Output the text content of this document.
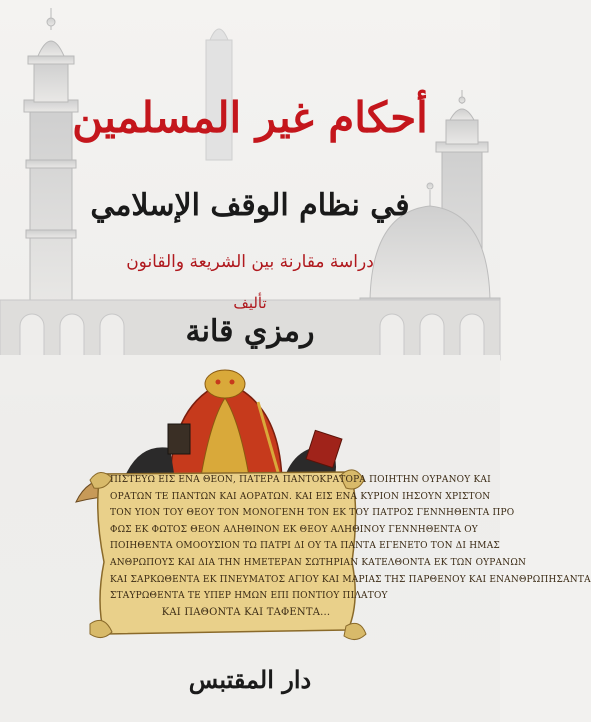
أحكام غير المسلمين
في نظام الوقف الإسلامي
دراسة مقارنة بين الشريعة والقانون
تأليف
رمزي قانة
ΠΙΣΤΕΥΩ ΕΙΣ ΕΝΑ ΘΕΟΝ, ΠΑΤΕΡΑ ΠΑΝΤΟΚΡΑΤΟΡΑ ΠΟΙΗΤΗΝ ΟΥΡΑΝΟΥ ΚΑΙ
ΟΡΑΤΩΝ ΤΕ ΠΑΝΤΩΝ ΚΑΙ ΑΟΡΑΤΩΝ. ΚΑΙ ΕΙΣ ΕΝΑ ΚΥΡΙΟΝ ΙΗΣΟΥΝ ΧΡΙΣΤΟΝ
ΤΟΝ ΥΙΟΝ ΤΟΥ ΘΕΟΥ ΤΟΝ ΜΟΝΟΓΕΝΗ ΤΟΝ ΕΚ ΤΟΥ ΠΑΤΡΟΣ ΓΕΝΝΗΘΕΝΤΑ ΠΡΟ
ΦΩΣ ΕΚ ΦΩΤΟΣ ΘΕΟΝ ΑΛΗΘΙΝΟΝ ΕΚ ΘΕΟΥ ΑΛΗΘΙΝΟΥ ΓΕΝΝΗΘΕΝΤΑ ΟΥ
ΠΟΙΗΘΕΝΤΑ ΟΜΟΟΥΣΙΟΝ ΤΩ ΠΑΤΡΙ ΔΙ ΟΥ ΤΑ ΠΑΝΤΑ ΕΓΕΝΕΤΟ ΤΟΝ ΔΙ ΗΜΑΣ
ΑΝΘΡΩΠΟΥΣ ΚΑΙ ΔΙΑ ΤΗΝ ΗΜΕΤΕΡΑΝ ΣΩΤΗΡΙΑΝ ΚΑΤΕΛΘΟΝΤΑ ΕΚ ΤΩΝ ΟΥΡΑΝΩΝ
ΚΑΙ ΣΑΡΚΩΘΕΝΤΑ ΕΚ ΠΝΕΥΜΑΤΟΣ ΑΓΙΟΥ ΚΑΙ ΜΑΡΙΑΣ ΤΗΣ ΠΑΡΘΕΝΟΥ ΚΑΙ ΕΝΑΝΘΡΩΠΗΣΑΝΤΑ
ΣΤΑΥΡΩΘΕΝΤΑ ΤΕ ΥΠΕΡ ΗΜΩΝ ΕΠΙ ΠΟΝΤΙΟΥ ΠΙΛΑΤΟΥ
ΚΑΙ ΠΑΘΟΝΤΑ ΚΑΙ ΤΑΦΕΝΤΑ...
دار المقتبس
